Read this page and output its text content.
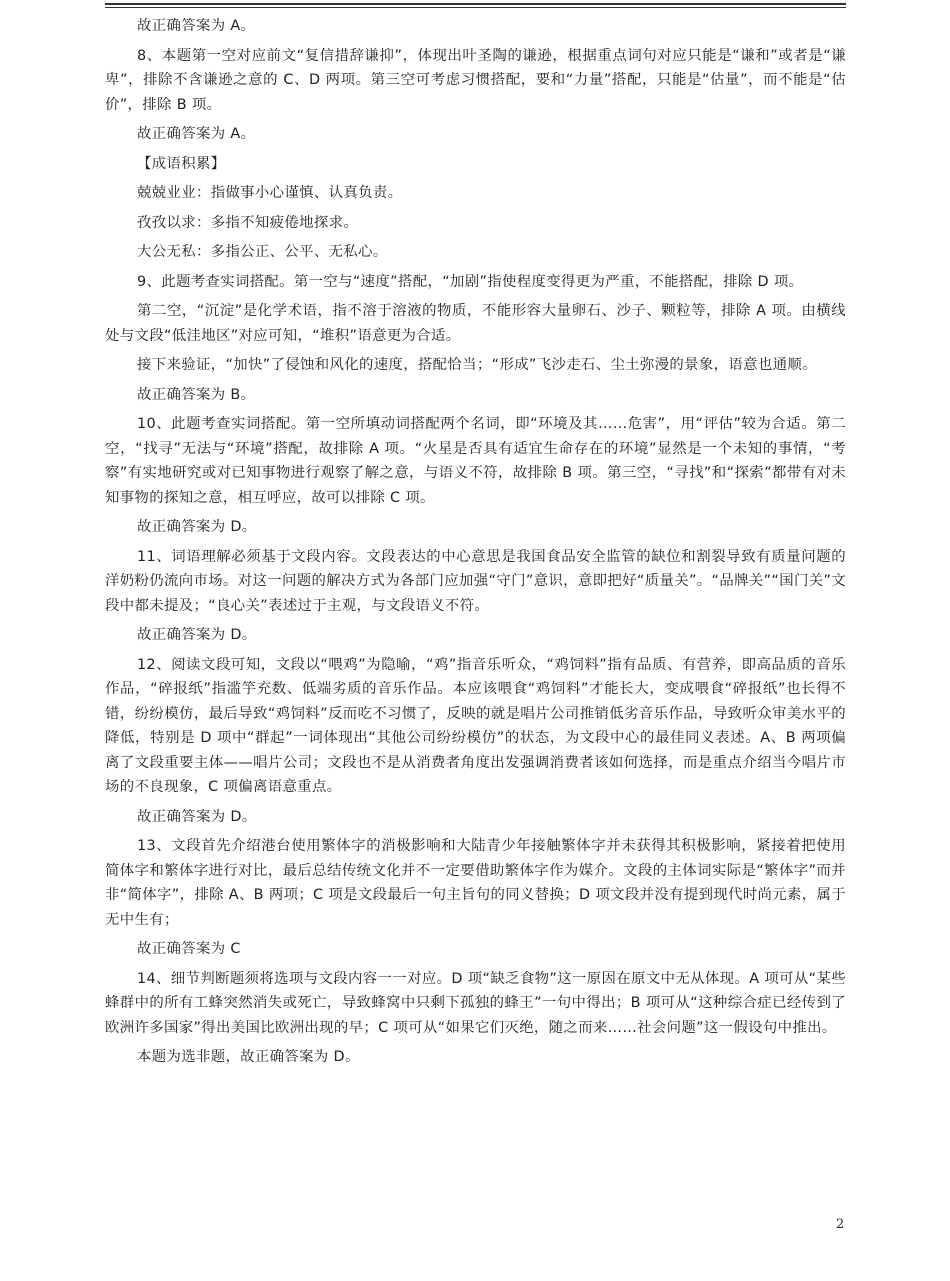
故正确答案为 A。

8、本题第一空对应前文“复信措辞谦抑”，体现出叶圣陶的谦逊，根据重点词句对应只能是“谦和”或者是“谦卑”，排除不含谦逊之意的 C、D 两项。第三空可考虑习惯搭配，要和“力量”搭配，只能是“估量”，而不能是“估价”，排除 B 项。

故正确答案为 A。

【成语积累】

兢兢业业：指做事小心谨慎、认真负责。

孜孜以求：多指不知疲倦地探求。

大公无私：多指公正、公平、无私心。

9、此题考查实词搭配。第一空与“速度”搭配，“加剧”指使程度变得更为严重，不能搭配，排除 D 项。

第二空，“沉淀”是化学术语，指不溶于溶液的物质，不能形容大量卵石、沙子、颗粒等，排除 A 项。由横线处与文段“低洼地区”对应可知，“堆积”语意更为合适。

接下来验证，“加快”了侵蚀和风化的速度，搭配恰当；“形成”飞沙走石、尘土弥漫的景象，语意也通顺。

故正确答案为 B。

10、此题考查实词搭配。第一空所填动词搭配两个名词，即“环境及其……危害”，用“评估”较为合适。第二空，“找寻”无法与“环境”搭配，故排除 A 项。“火星是否具有适宜生命存在的环境”显然是一个未知的事情，“考察”有实地研究或对已知事物进行观察了解之意，与语义不符，故排除 B 项。第三空，“寻找”和“探索”都带有对未知事物的探知之意，相互呼应，故可以排除 C 项。

故正确答案为 D。

11、词语理解必须基于文段内容。文段表达的中心意思是我国食品安全监管的缺位和割裂导致有质量问题的洋奶粉仍流向市场。对这一问题的解决方式为各部门应加强“守门”意识，意即把好“质量关”。“品牌关”“国门关”文段中都未提及；“良心关”表述过于主观，与文段语义不符。

故正确答案为 D。

12、阅读文段可知，文段以“喂鸡”为隐喻，“鸡”指音乐听众，“鸡饲料”指有品质、有营养，即高品质的音乐作品，“碎报纸”指滥竽充数、低端劣质的音乐作品。本应该喂食“鸡饲料”才能长大，变成喂食“碎报纸”也长得不错，纷纷模仿，最后导致“鸡饲料”反而吃不习惯了，反映的就是唱片公司推销低劣音乐作品，导致听众审美水平的降低，特别是 D 项中“群起”一词体现出“其他公司纷纷模仿”的状态，为文段中心的最佳同义表述。A、B 两项偏离了文段重要主体——唱片公司；文段也不是从消费者角度出发强调消费者该如何选择，而是重点介绍当今唱片市场的不良现象，C 项偏离语意重点。

故正确答案为 D。

13、文段首先介绍港台使用繁体字的消极影响和大陆青少年接触繁体字并未获得其积极影响，紧接着把使用简体字和繁体字进行对比，最后总结传统文化并不一定要借助繁体字作为媒介。文段的主体词实际是“繁体字”而并非“简体字”，排除 A、B 两项；C 项是文段最后一句主旨句的同义替换；D 项文段并没有提到现代时尚元素，属于无中生有；

故正确答案为 C

14、细节判断题须将选项与文段内容一一对应。D 项“缺乏食物”这一原因在原文中无从体现。A 项可从“某些蜂群中的所有工蜂突然消失或死亡，导致蜂窝中只剩下孤独的蜂王”一句中得出；B 项可从“这种综合症已经传到了欧洲许多国家”得出美国比欧洲出现的早；C 项可从“如果它们灭绝，随之而来……社会问题”这一假设句中推出。

本题为选非题，故正确答案为 D。

2
